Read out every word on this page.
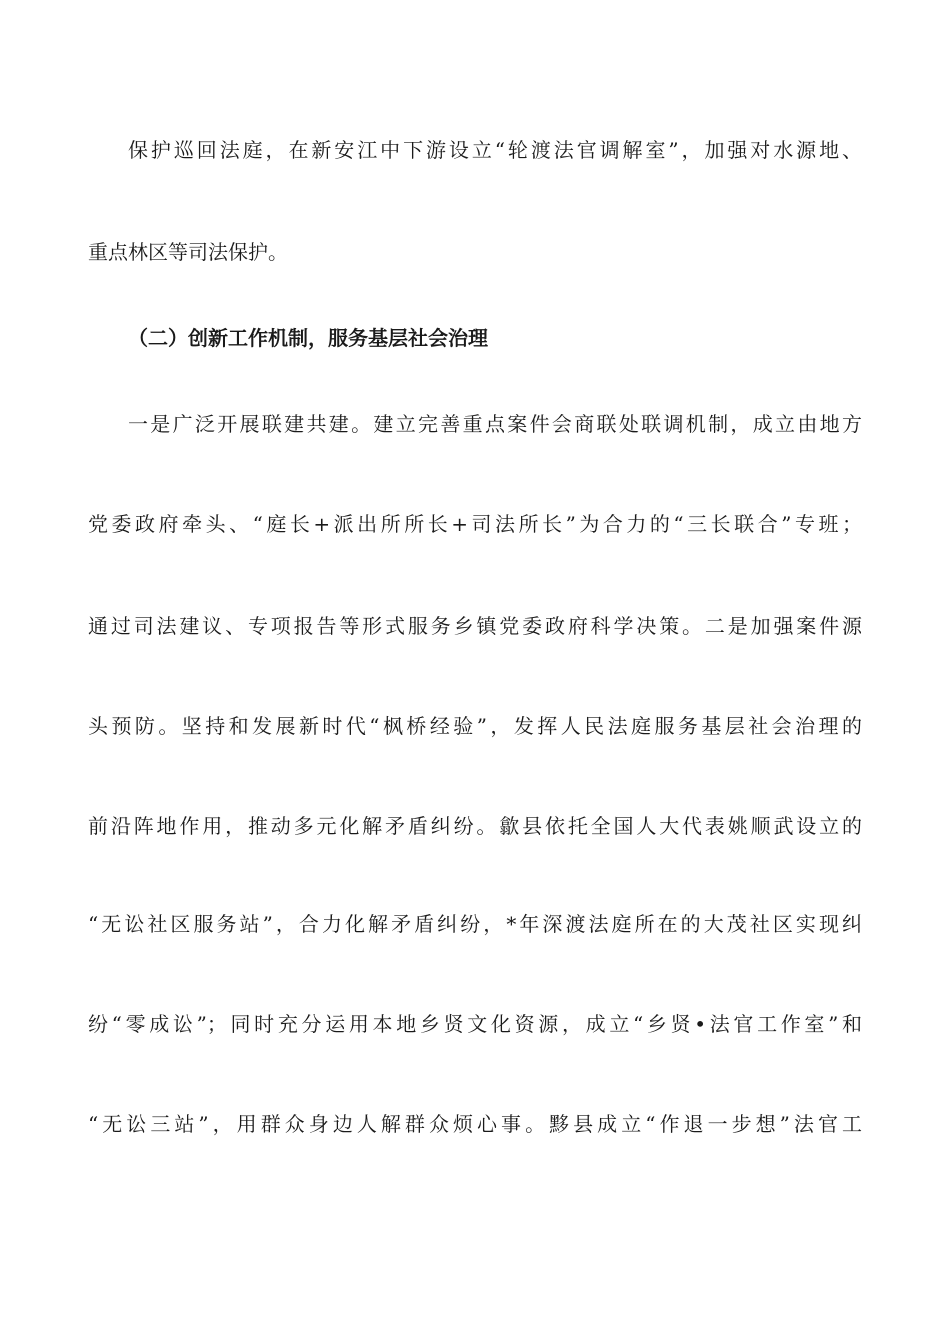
保护巡回法庭，在新安江中下游设立“轮渡法官调解室”，加强对水源地、
重点林区等司法保护。
（二）创新工作机制，服务基层社会治理
一是广泛开展联建共建。建立完善重点案件会商联处联调机制，成立由地方
党委政府牵头、“庭长+派出所所长+司法所长”为合力的“三长联合”专班；
通过司法建议、专项报告等形式服务乡镇党委政府科学决策。二是加强案件源
头预防。坚持和发展新时代“枫桥经验”，发挥人民法庭服务基层社会治理的
前沿阵地作用，推动多元化解矛盾纠纷。歙县依托全国人大代表姚顺武设立的
“无讼社区服务站”，合力化解矛盾纠纷，*年深渡法庭所在的大茂社区实现纠
纷“零成讼”；同时充分运用本地乡贤文化资源，成立“乡贤•法官工作室”和
“无讼三站”，用群众身边人解群众烦心事。黟县成立“作退一步想”法官工
